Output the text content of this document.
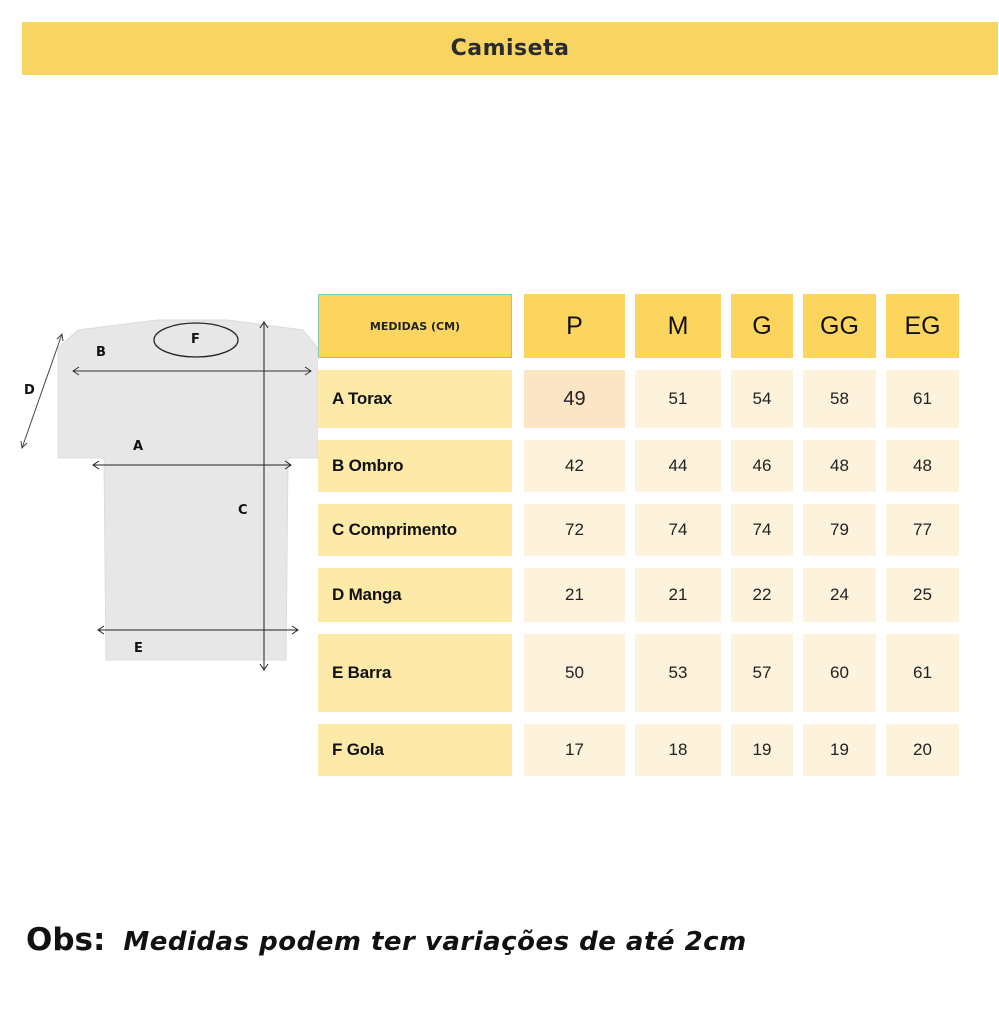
Camiseta
B
F
D
A
C
E
MEDIDAS (CM)	P	M	G	GG	EG
A Torax	49	51	54	58	61
B Ombro	42	44	46	48	48
C Comprimento	72	74	74	79	77
D Manga	21	21	22	24	25
E Barra	50	53	57	60	61
F Gola	17	18	19	19	20
Obs: Medidas podem ter variações de até 2cm
